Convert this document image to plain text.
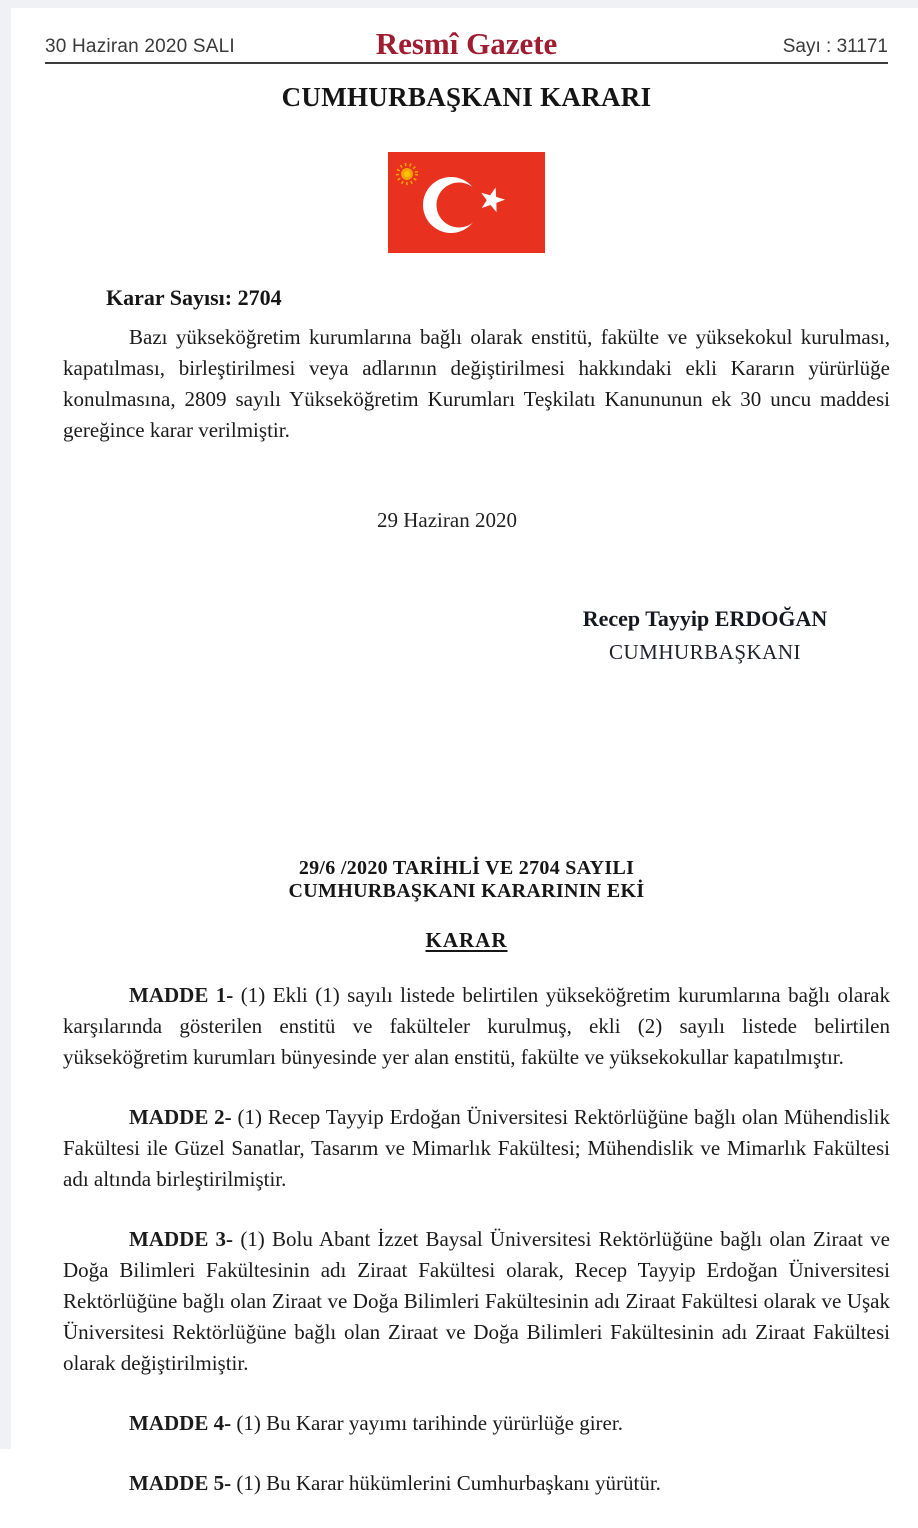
30 Haziran 2020 SALI	Resmî Gazete	Sayı : 31171
CUMHURBAŞKANI KARARI
Karar Sayısı: 2704
Bazı yükseköğretim kurumlarına bağlı olarak enstitü, fakülte ve yüksekokul kurulması, kapatılması, birleştirilmesi veya adlarının değiştirilmesi hakkındaki ekli Kararın yürürlüğe konulmasına, 2809 sayılı Yükseköğretim Kurumları Teşkilatı Kanununun ek 30 uncu maddesi gereğince karar verilmiştir.
29 Haziran 2020
Recep Tayyip ERDOĞAN
CUMHURBAŞKANI
29/6 /2020 TARİHLİ VE 2704 SAYILI
CUMHURBAŞKANI KARARININ EKİ
KARAR

MADDE 1- (1) Ekli (1) sayılı listede belirtilen yükseköğretim kurumlarına bağlı olarak karşılarında gösterilen enstitü ve fakülteler kurulmuş, ekli (2) sayılı listede belirtilen yükseköğretim kurumları bünyesinde yer alan enstitü, fakülte ve yüksekokullar kapatılmıştır.

MADDE 2- (1) Recep Tayyip Erdoğan Üniversitesi Rektörlüğüne bağlı olan Mühendislik Fakültesi ile Güzel Sanatlar, Tasarım ve Mimarlık Fakültesi; Mühendislik ve Mimarlık Fakültesi adı altında birleştirilmiştir.

MADDE 3- (1) Bolu Abant İzzet Baysal Üniversitesi Rektörlüğüne bağlı olan Ziraat ve Doğa Bilimleri Fakültesinin adı Ziraat Fakültesi olarak, Recep Tayyip Erdoğan Üniversitesi Rektörlüğüne bağlı olan Ziraat ve Doğa Bilimleri Fakültesinin adı Ziraat Fakültesi olarak ve Uşak Üniversitesi Rektörlüğüne bağlı olan Ziraat ve Doğa Bilimleri Fakültesinin adı Ziraat Fakültesi olarak değiştirilmiştir.

MADDE 4- (1) Bu Karar yayımı tarihinde yürürlüğe girer.

MADDE 5- (1) Bu Karar hükümlerini Cumhurbaşkanı yürütür.
